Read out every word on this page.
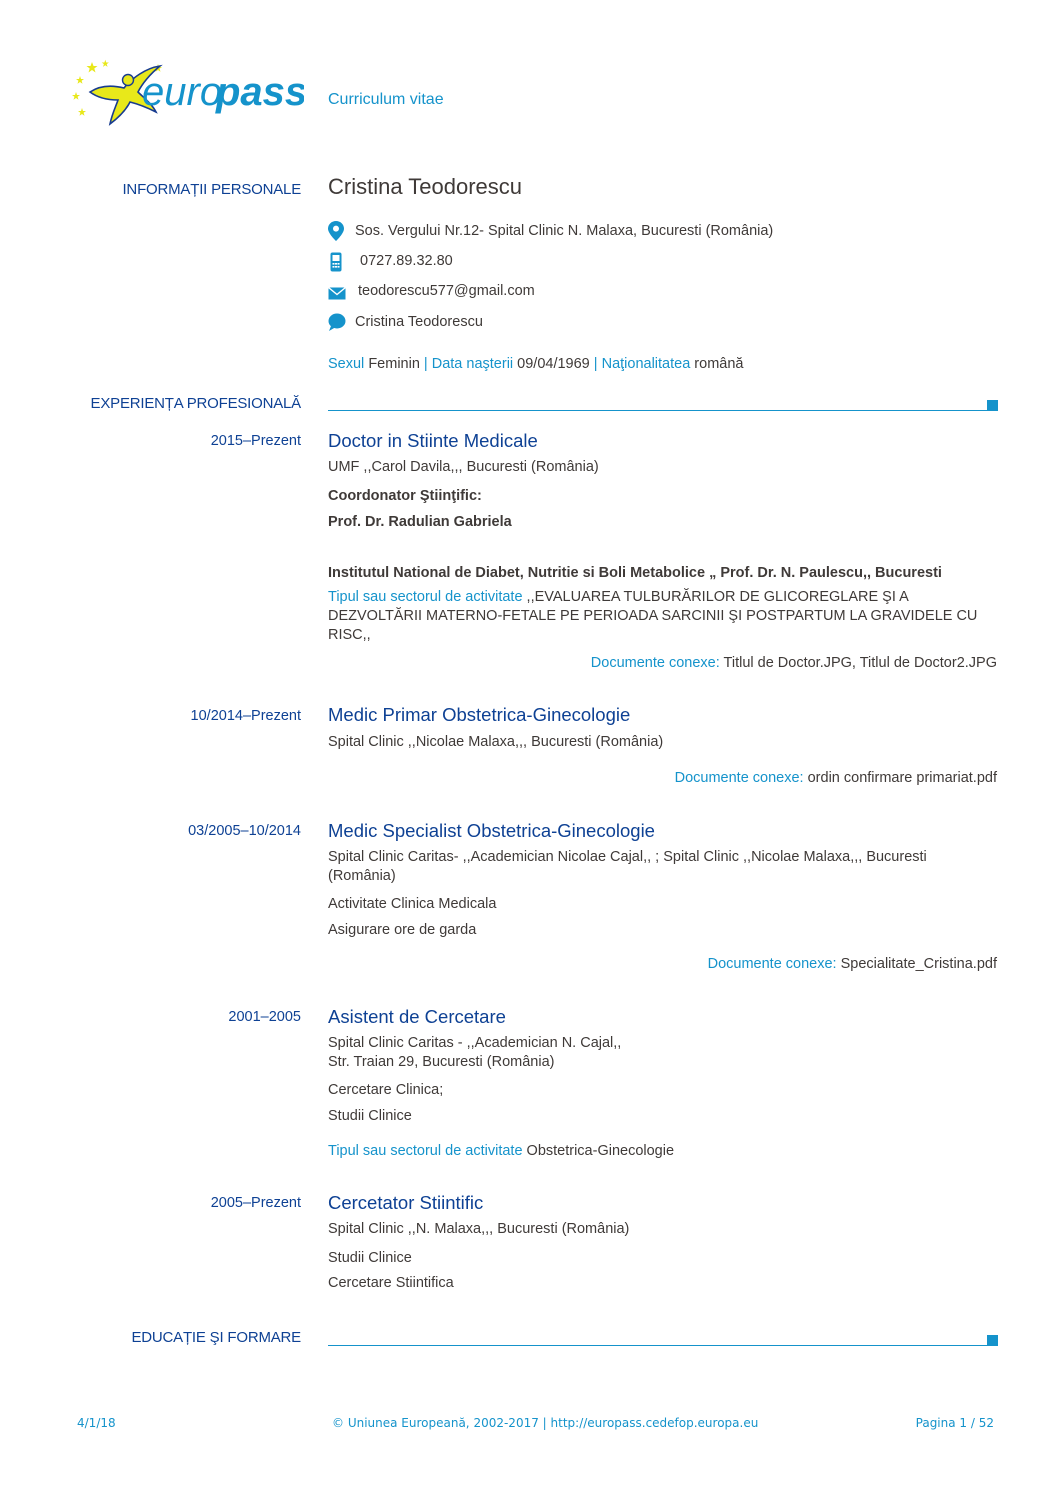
euro
pass Curriculum vitae
INFORMAȚII PERSONALE Cristina Teodorescu
Sos. Vergului Nr.12- Spital Clinic N. Malaxa, Bucuresti (România)
0727.89.32.80
teodorescu577@gmail.com
Cristina Teodorescu
Sexul Feminin | Data naşterii 09/04/1969 | Naţionalitatea română
EXPERIENȚA PROFESIONALĂ
2015–Prezent Doctor in Stiinte Medicale
UMF ,,Carol Davila,,, Bucuresti (România)
Coordonator Ştiinţific:
Prof. Dr. Radulian Gabriela
Institutul National de Diabet, Nutritie si Boli Metabolice „ Prof. Dr. N. Paulescu,, Bucuresti
Tipul sau sectorul de activitate ,,EVALUAREA TULBURĂRILOR DE GLICOREGLARE ŞI A DEZVOLTĂRII MATERNO-FETALE PE PERIOADA SARCINII ŞI POSTPARTUM LA GRAVIDELE CU RISC,,
Documente conexe: Titlul de Doctor.JPG, Titlul de Doctor2.JPG
10/2014–Prezent Medic Primar Obstetrica-Ginecologie
Spital Clinic ,,Nicolae Malaxa,,, Bucuresti (România)
Documente conexe: ordin confirmare primariat.pdf
03/2005–10/2014 Medic Specialist Obstetrica-Ginecologie
Spital Clinic Caritas- ,,Academician Nicolae Cajal,, ; Spital Clinic ,,Nicolae Malaxa,,, Bucuresti (România)
Activitate Clinica Medicala
Asigurare ore de garda
Documente conexe: Specialitate_Cristina.pdf
2001–2005 Asistent de Cercetare
Spital Clinic Caritas - ,,Academician N. Cajal,,
Str. Traian 29, Bucuresti (România)
Cercetare Clinica;
Studii Clinice
Tipul sau sectorul de activitate Obstetrica-Ginecologie
2005–Prezent Cercetator Stiintific
Spital Clinic ,,N. Malaxa,,, Bucuresti (România)
Studii Clinice
Cercetare Stiintifica
EDUCAȚIE ŞI FORMARE
4/1/18	© Uniunea Europeană, 2002-2017 | http://europass.cedefop.europa.eu	Pagina 1 / 52
